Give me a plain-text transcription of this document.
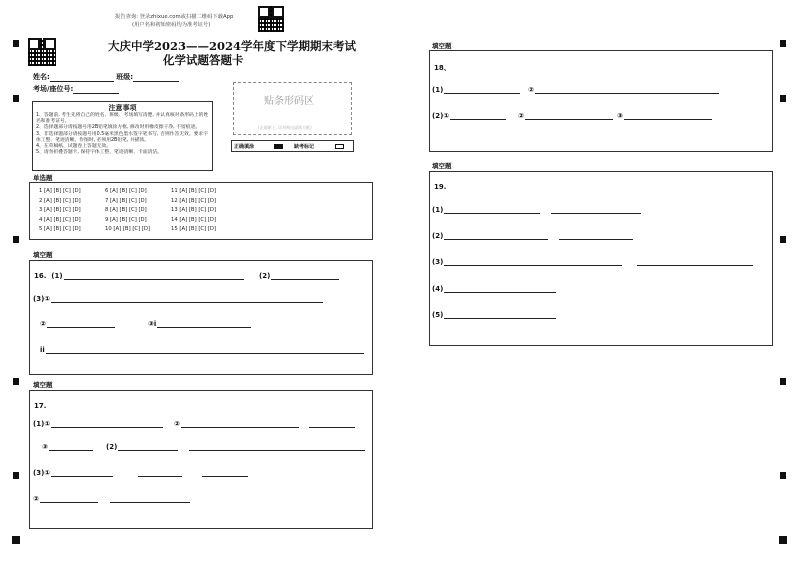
报告查询: 登录zhixue.com或扫描二维码下载App
(用户名和初始密码均为准考证号)
大庆中学2023——2024学年度下学期期末考试
化学试题答题卡
姓名:	班级:
考场/座位号:
贴条形码区
(正面朝上, 切勿贴出虚线方框)
注意事项

1、答题前, 考生先将自己的姓名、班级、考场填写清楚, 并认真核对条形码上的姓名和准考证号。

2、选择题部分请按题号用2B铅笔填涂方框, 修改时用橡皮擦干净, 不留痕迹。

3、非选择题部分请按题号用0.5毫米黑色墨水签字笔书写, 否则作答无效。要求字体工整、笔迹清晰。作图时, 必须用2B铅笔, 并描浓。

4、在草稿纸、试题卷上答题无效。

5、请勿折叠答题卡, 保持字体工整、笔迹清晰、卡面清洁。

正确填涂	缺考标记
单选题
1 [A] [B] [C] [D]	6 [A] [B] [C] [D]	11 [A] [B] [C] [D]
2 [A] [B] [C] [D]	7 [A] [B] [C] [D]	12 [A] [B] [C] [D]
3 [A] [B] [C] [D]	8 [A] [B] [C] [D]	13 [A] [B] [C] [D]
4 [A] [B] [C] [D]	9 [A] [B] [C] [D]	14 [A] [B] [C] [D]
5 [A] [B] [C] [D]	10 [A] [B] [C] [D]	15 [A] [B] [C] [D]
填空题
16. (1)	(2)
(3)①
②	③i
ii
填空题
17.
(1)①	②
③	(2)
(3)①
②
填空题
18、
(1)	②
(2)①	②	③
填空题
19.
(1)
(2)
(3)
(4)
(5)
